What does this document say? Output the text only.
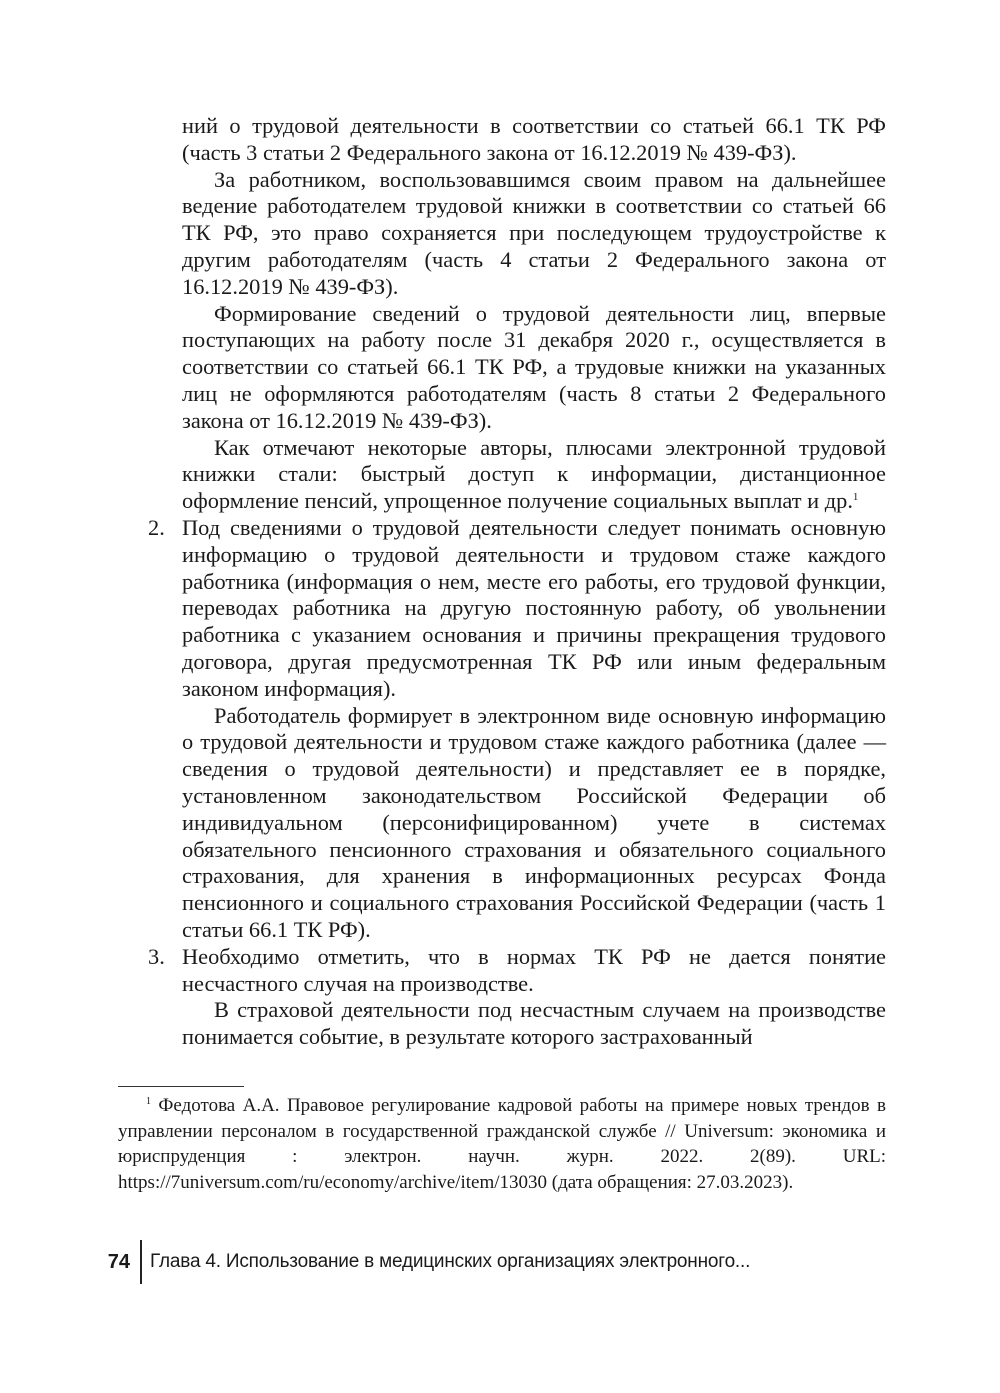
ний о трудовой деятельности в соответствии со статьей 66.1 ТК РФ (часть 3 статьи 2 Федерального закона от 16.12.2019 № 439-ФЗ).

За работником, воспользовавшимся своим правом на дальнейшее ведение работодателем трудовой книжки в соответствии со статьей 66 ТК РФ, это право сохраняется при последующем трудоустройстве к другим работодателям (часть 4 статьи 2 Федерального закона от 16.12.2019 № 439-ФЗ).

Формирование сведений о трудовой деятельности лиц, впервые поступающих на работу после 31 декабря 2020 г., осуществляется в соответствии со статьей 66.1 ТК РФ, а трудовые книжки на указанных лиц не оформляются работодателям (часть 8 статьи 2 Федерального закона от 16.12.2019 № 439-ФЗ).

Как отмечают некоторые авторы, плюсами электронной трудовой книжки стали: быстрый доступ к информации, дистанционное оформление пенсий, упрощенное получение социальных выплат и др.$^1$

2. Под сведениями о трудовой деятельности следует понимать основную информацию о трудовой деятельности и трудовом стаже каждого работника (информация о нем, месте его работы, его трудовой функции, переводах работника на другую постоянную работу, об увольнении работника с указанием основания и причины прекращения трудового договора, другая предусмотренная ТК РФ или иным федеральным законом информация).

Работодатель формирует в электронном виде основную информацию о трудовой деятельности и трудовом стаже каждого работника (далее — сведения о трудовой деятельности) и представляет ее в порядке, установленном законодательством Российской Федерации об индивидуальном (персонифицированном) учете в системах обязательного пенсионного страхования и обязательного социального страхования, для хранения в информационных ресурсах Фонда пенсионного и социального страхования Российской Федерации (часть 1 статьи 66.1 ТК РФ).

3. Необходимо отметить, что в нормах ТК РФ не дается понятие несчастного случая на производстве.

В страховой деятельности под несчастным случаем на производстве понимается событие, в результате которого застрахованный

$^1$ Федотова А.А. Правовое регулирование кадровой работы на примере новых трендов в управлении персоналом в государственной гражданской службе // Universum: экономика и юриспруденция : электрон. научн. журн. 2022. 2(89). URL: https://7universum.com/ru/economy/archive/item/13030 (дата обращения: 27.03.2023).

74 Глава 4. Использование в медицинских организациях электронного...
